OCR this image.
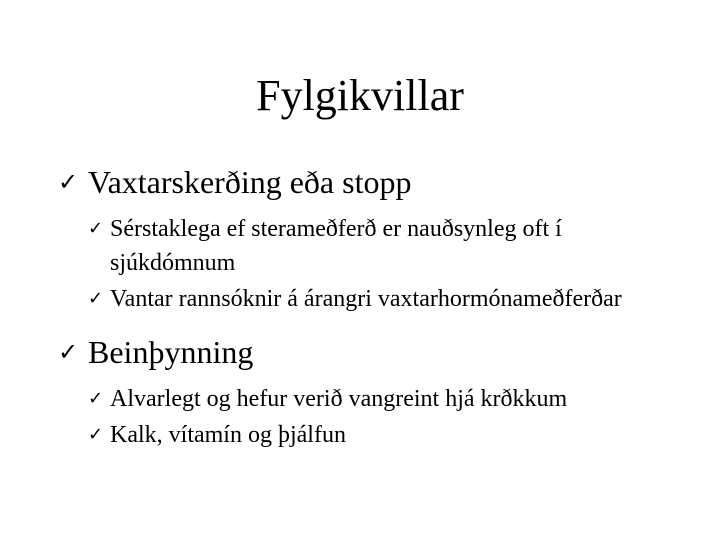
Fylgikvillar
✓ Vaxtarskerðing eða stopp
✓ Sérstaklega ef sterameðferð er nauðsynleg oft í sjúkdómnum
✓ Vantar rannsóknir á árangri vaxtarhormónameðferðar
✓ Beinþynning
✓ Alvarlegt og hefur verið vangreint hjá krðkkum
✓ Kalk, vítamín og þjálfun
